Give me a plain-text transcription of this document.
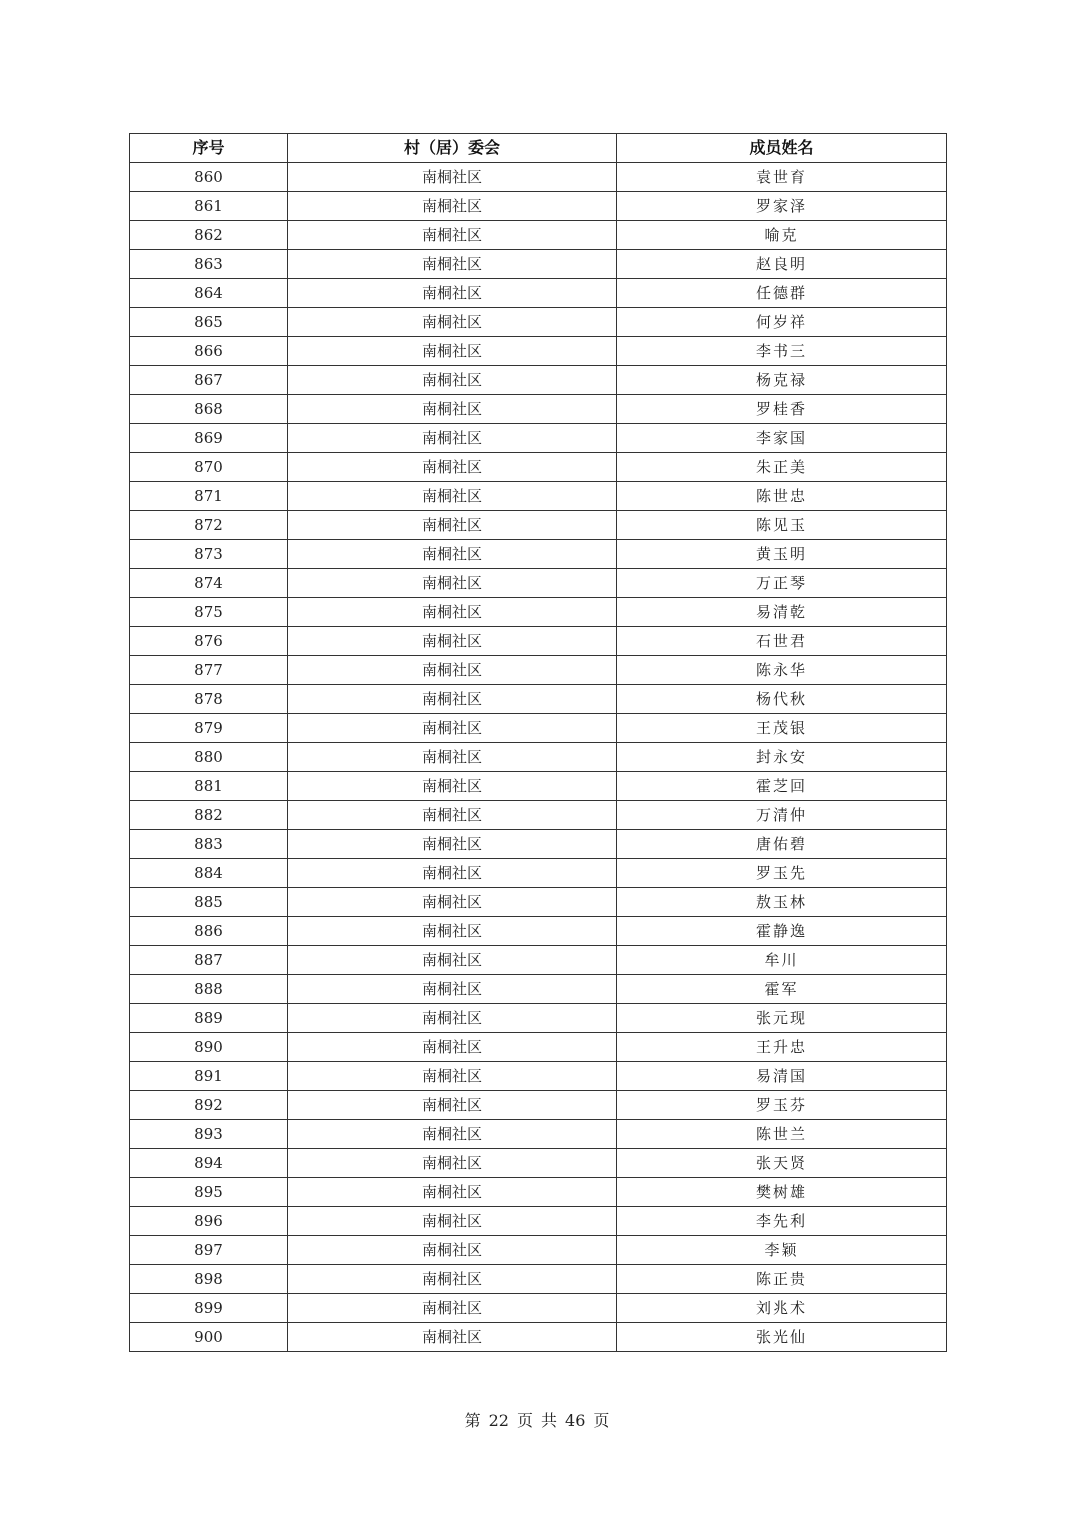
序号	村（居）委会	成员姓名
860	南桐社区	袁世育
861	南桐社区	罗家泽
862	南桐社区	喻克
863	南桐社区	赵良明
864	南桐社区	任德群
865	南桐社区	何岁祥
866	南桐社区	李书三
867	南桐社区	杨克禄
868	南桐社区	罗桂香
869	南桐社区	李家国
870	南桐社区	朱正美
871	南桐社区	陈世忠
872	南桐社区	陈见玉
873	南桐社区	黄玉明
874	南桐社区	万正琴
875	南桐社区	易清乾
876	南桐社区	石世君
877	南桐社区	陈永华
878	南桐社区	杨代秋
879	南桐社区	王茂银
880	南桐社区	封永安
881	南桐社区	霍芝回
882	南桐社区	万清仲
883	南桐社区	唐佑碧
884	南桐社区	罗玉先
885	南桐社区	敖玉林
886	南桐社区	霍静逸
887	南桐社区	牟川
888	南桐社区	霍军
889	南桐社区	张元现
890	南桐社区	王升忠
891	南桐社区	易清国
892	南桐社区	罗玉芬
893	南桐社区	陈世兰
894	南桐社区	张天贤
895	南桐社区	樊树雄
896	南桐社区	李先利
897	南桐社区	李颖
898	南桐社区	陈正贵
899	南桐社区	刘兆术
900	南桐社区	张光仙
第 22 页 共 46 页
